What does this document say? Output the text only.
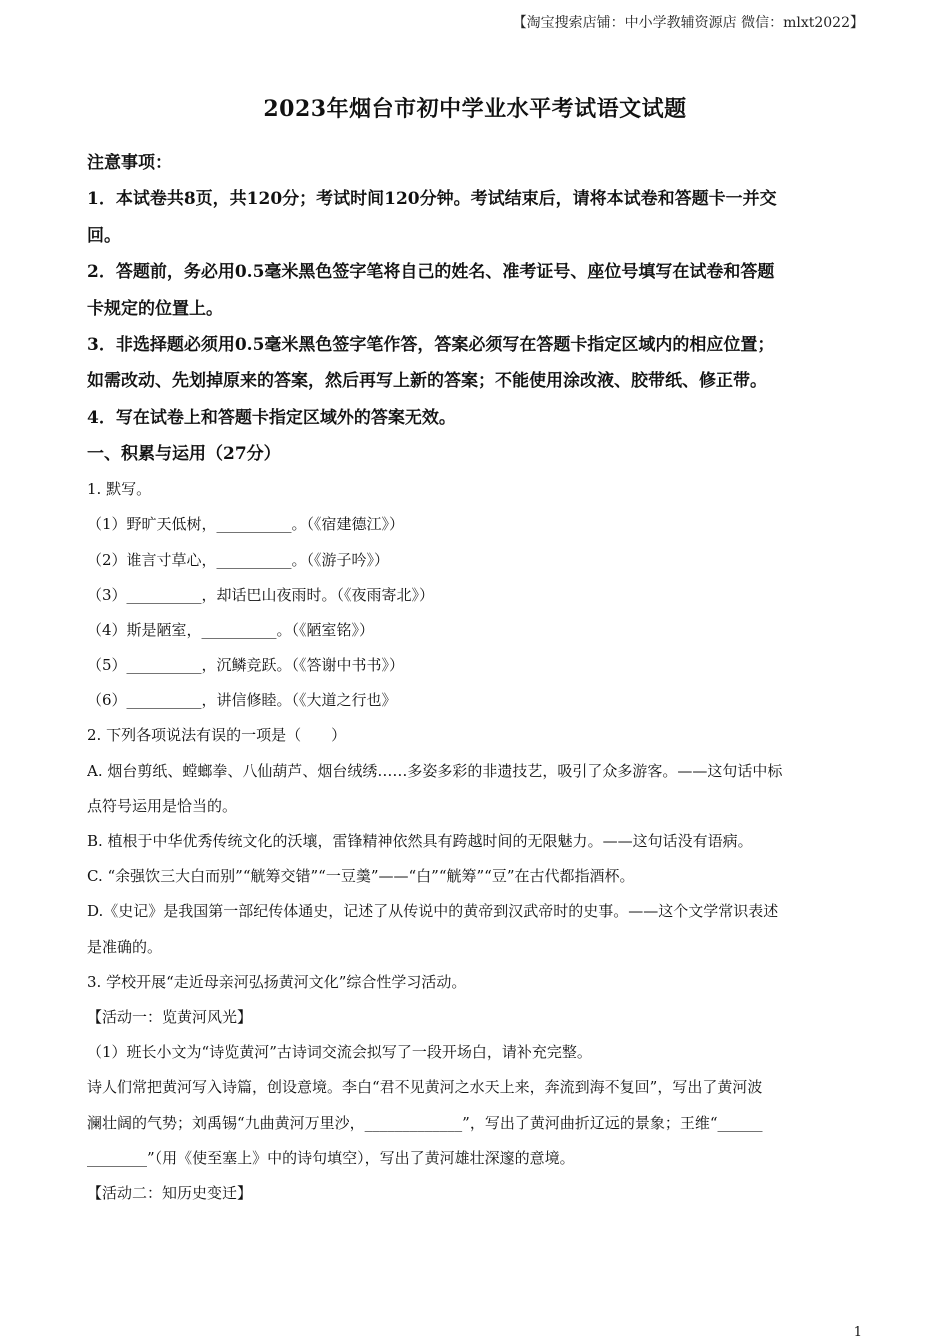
【淘宝搜索店铺：中小学教辅资源店 微信：mlxt2022】
2023年烟台市初中学业水平考试语文试题
注意事项：
1．本试卷共8页，共120分；考试时间120分钟。考试结束后，请将本试卷和答题卡一并交
回。
2．答题前，务必用0.5毫米黑色签字笔将自己的姓名、准考证号、座位号填写在试卷和答题
卡规定的位置上。
3．非选择题必须用0.5毫米黑色签字笔作答，答案必须写在答题卡指定区域内的相应位置；
如需改动、先划掉原来的答案，然后再写上新的答案；不能使用涂改液、胶带纸、修正带。
4．写在试卷上和答题卡指定区域外的答案无效。
一、积累与运用（27分）
1. 默写。
（1）野旷天低树，__________。（《宿建德江》）
（2）谁言寸草心，__________。（《游子吟》）
（3）__________，却话巴山夜雨时。（《夜雨寄北》）
（4）斯是陋室，__________。（《陋室铭》）
（5）__________，沉鳞竞跃。（《答谢中书书》）
（6）__________，讲信修睦。（《大道之行也》
2. 下列各项说法有误的一项是（　　）
A. 烟台剪纸、螳螂拳、八仙葫芦、烟台绒绣……多姿多彩的非遗技艺，吸引了众多游客。——这句话中标
点符号运用是恰当的。
B. 植根于中华优秀传统文化的沃壤，雷锋精神依然具有跨越时间的无限魅力。——这句话没有语病。
C. “余强饮三大白而别”“觥筹交错”“一豆羹”——“白”“觥筹”“豆”在古代都指酒杯。
D.《史记》是我国第一部纪传体通史，记述了从传说中的黄帝到汉武帝时的史事。——这个文学常识表述
是准确的。
3. 学校开展“走近母亲河弘扬黄河文化”综合性学习活动。
【活动一：览黄河风光】
（1）班长小文为“诗览黄河”古诗词交流会拟写了一段开场白，请补充完整。
诗人们常把黄河写入诗篇，创设意境。李白“君不见黄河之水天上来，奔流到海不复回”，写出了黄河波
澜壮阔的气势；刘禹锡“九曲黄河万里沙，_____________”，写出了黄河曲折辽远的景象；王维“______
________”（用《使至塞上》中的诗句填空），写出了黄河雄壮深邃的意境。
【活动二：知历史变迁】
1
